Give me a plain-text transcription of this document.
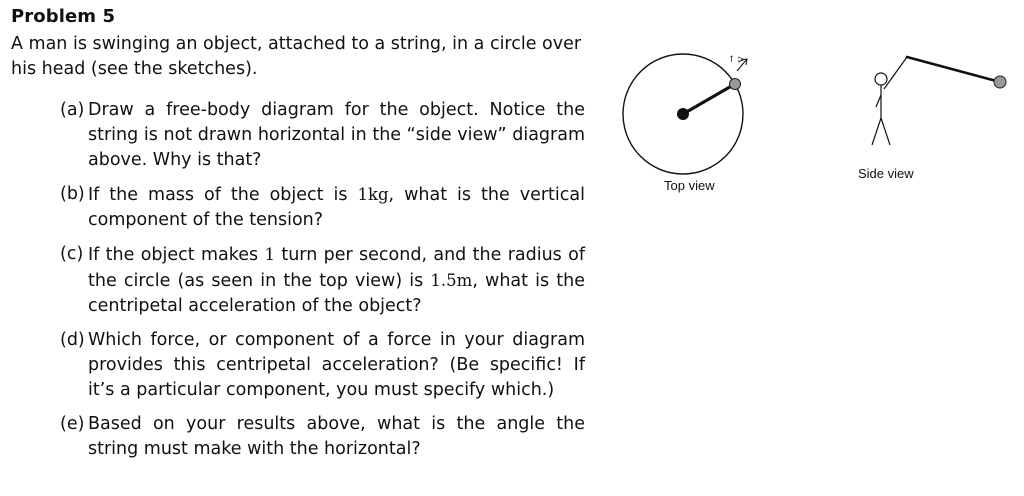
Problem 5

A man is swinging an object, attached to a string, in a circle over his head (see the sketches).

(a) Draw a free-body diagram for the object. Notice the string is not drawn horizontal in the “side view” diagram above. Why is that?
(b) If the mass of the object is 1kg, what is the vertical component of the tension?
(c) If the object makes 1 turn per second, and the radius of the circle (as seen in the top view) is 1.5m, what is the centripetal acceleration of the object?
(d) Which force, or component of a force in your diagram provides this centripetal acceleration? (Be specific! If it’s a particular component, you must specify which.)
(e) Based on your results above, what is the angle the string must make with the horizontal?
→
v
Top view
Side view
